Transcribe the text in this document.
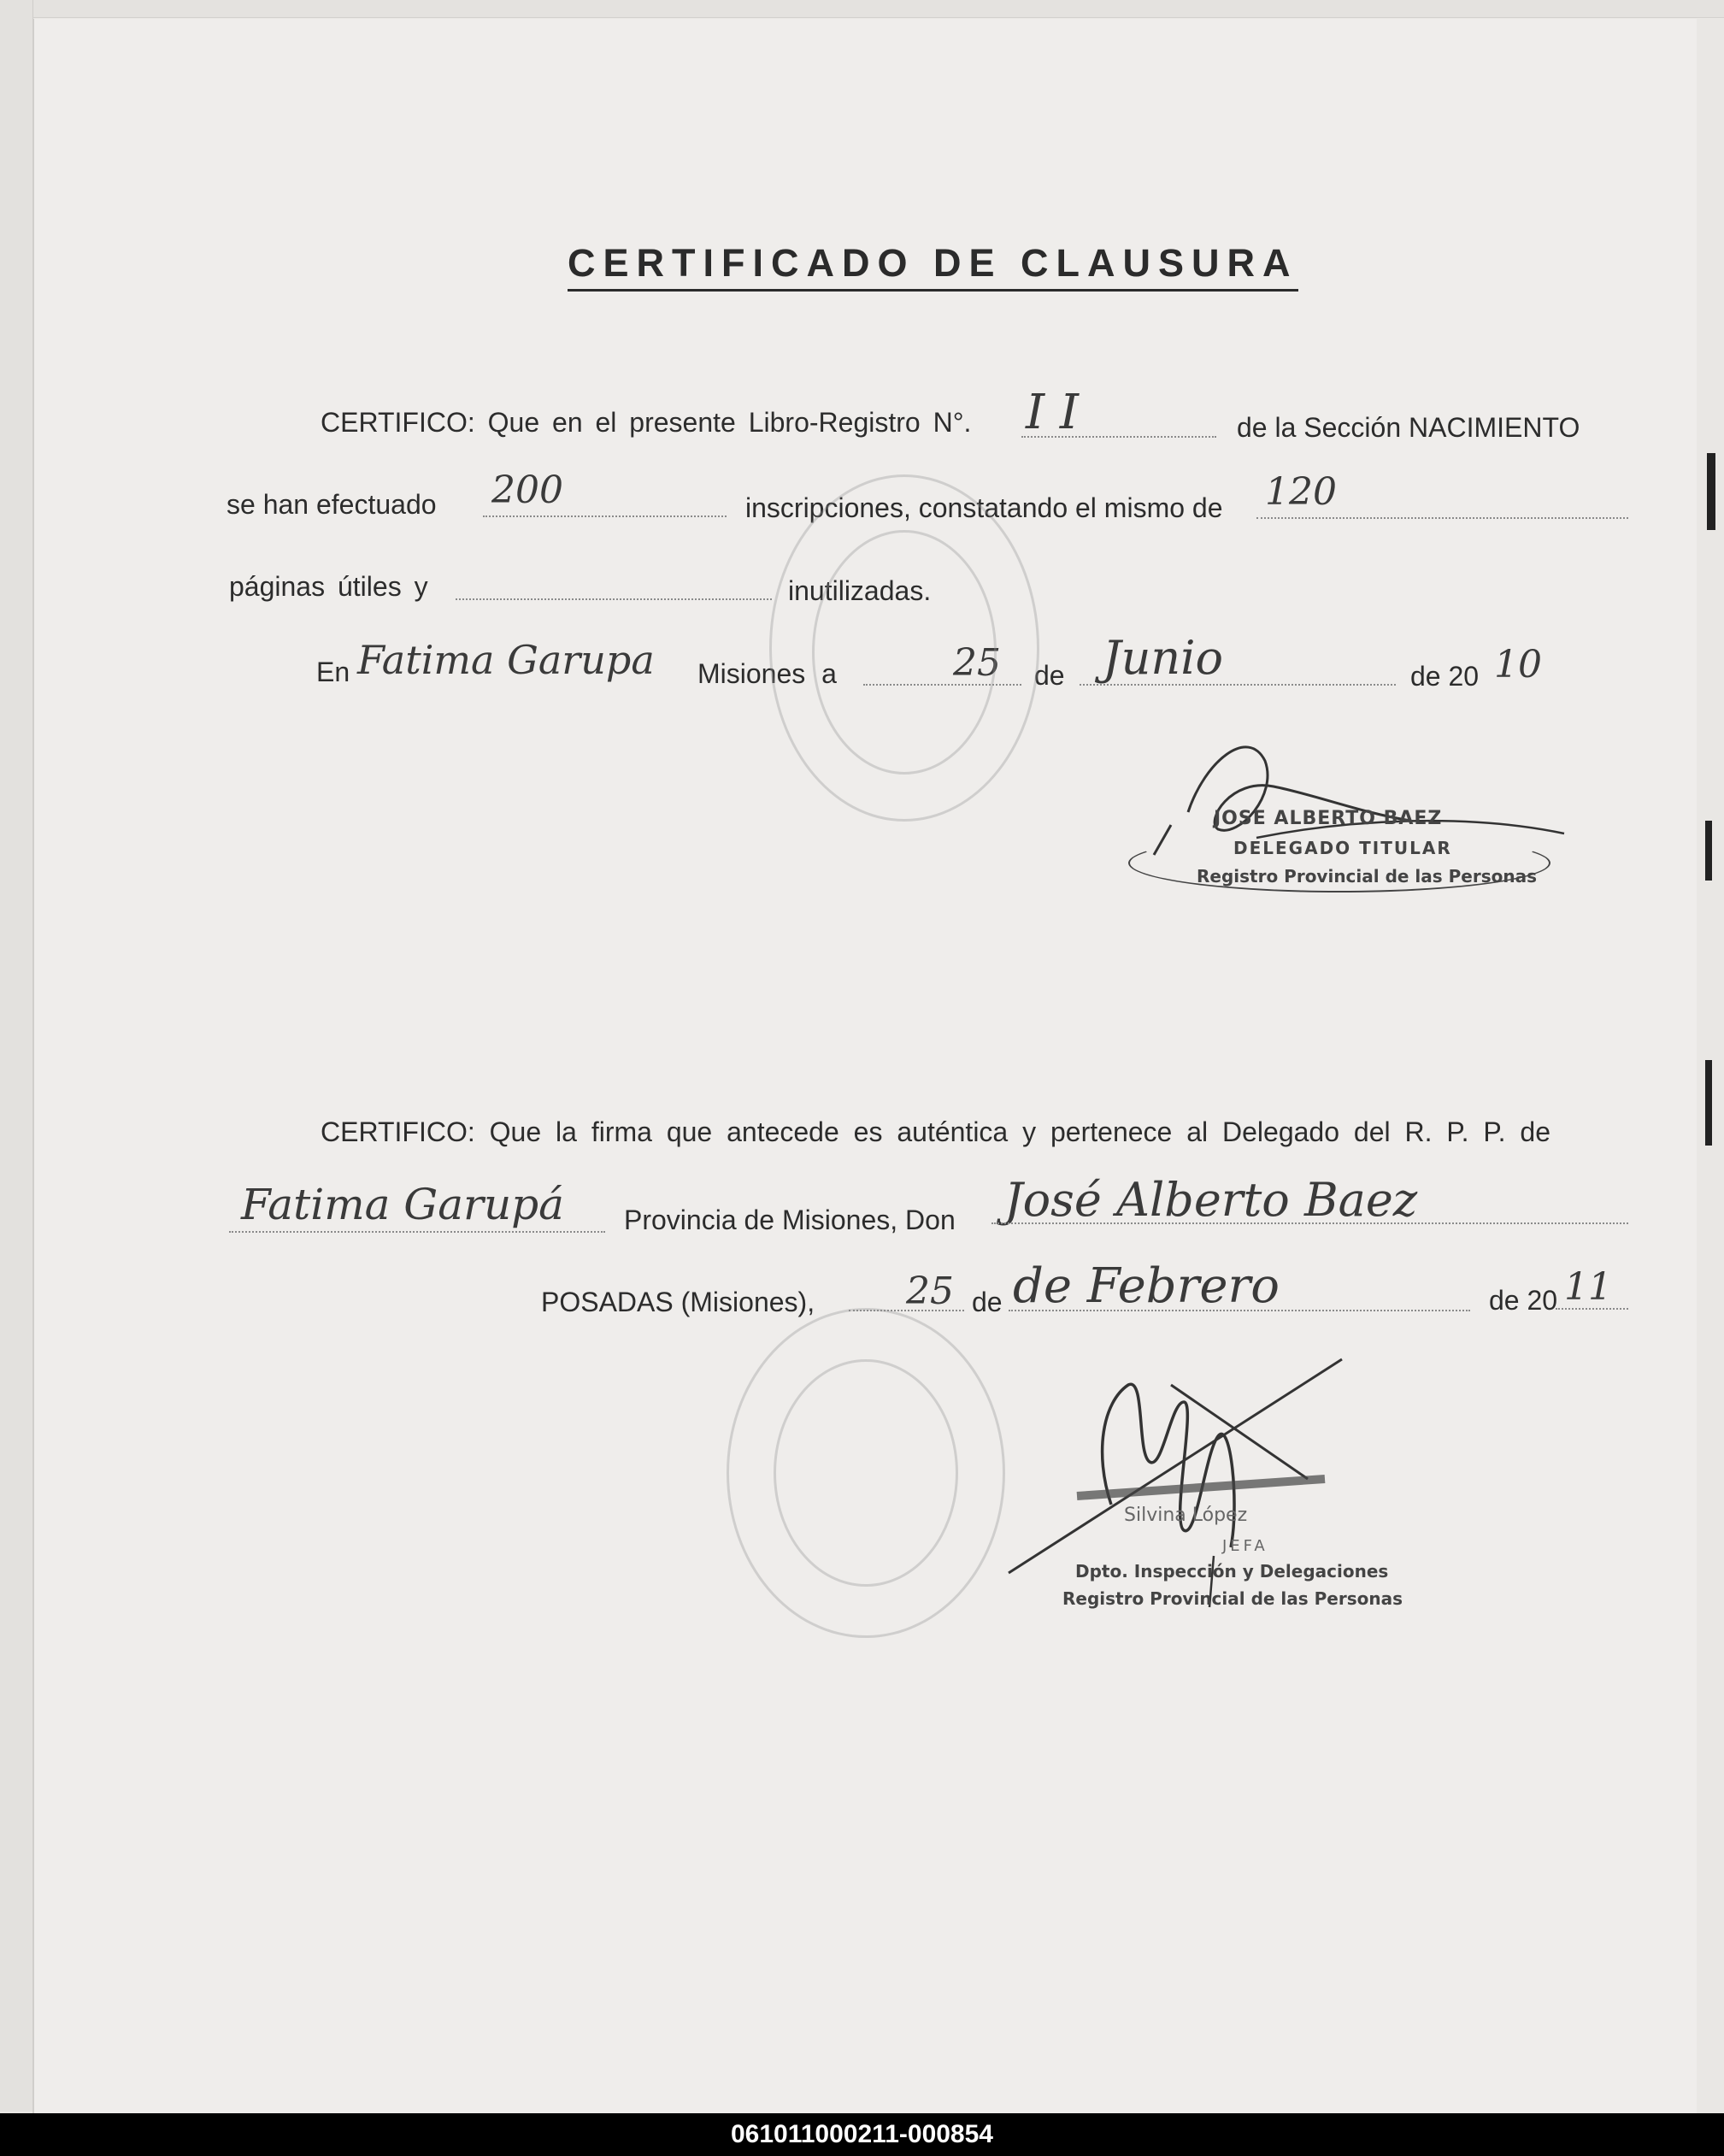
CERTIFICADO DE CLAUSURA
CERTIFICO: Que en el presente Libro-Registro N°. I I	de la Sección NACIMIENTO
se han efectuado 200	inscripciones, constatando el mismo de 120
páginas útiles y	inutilizadas.
En Fatima Garupa Misiones a	25 de Junio	de 20 10
JOSE ALBERTO BAEZ
DELEGADO TITULAR
Registro Provincial de las Personas
CERTIFICO: Que la firma que antecede es auténtica y pertenece al Delegado del R. P. P. de
Fatima Garupá Provincia de Misiones, Don José Alberto Baez
POSADAS (Misiones), 25 de de Febrero	de 20 11
Silvina López
JEFA
Dpto. Inspección y Delegaciones
Registro Provincial de las Personas
061011000211-000854
